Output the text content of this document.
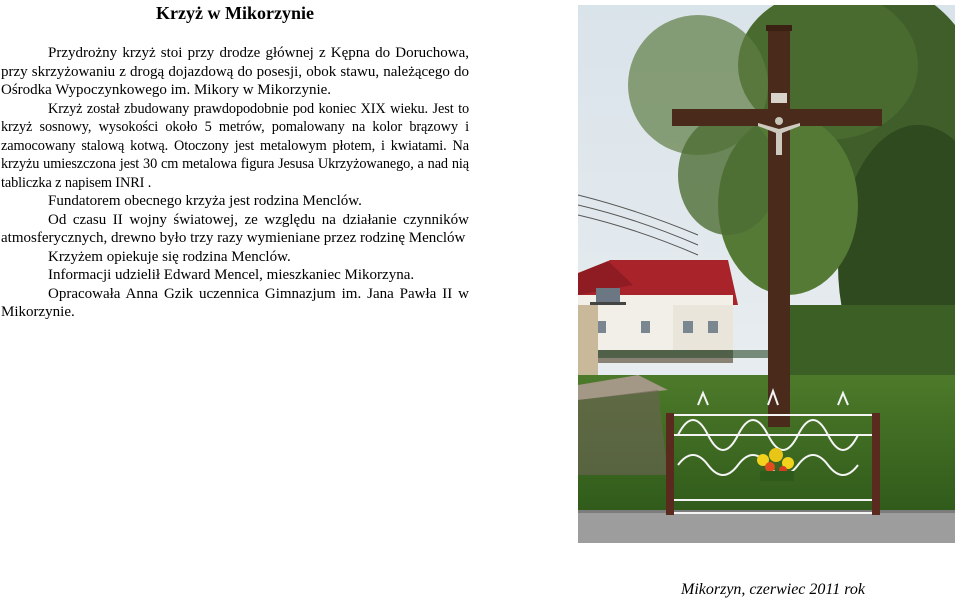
Krzyż w Mikorzynie

Przydrożny krzyż stoi przy drodze głównej z Kępna do Doruchowa, przy skrzyżowaniu z drogą dojazdową do posesji, obok stawu, należącego do Ośrodka Wypoczynkowego im. Mikory w Mikorzynie.

Krzyż został zbudowany prawdopodobnie pod koniec XIX wieku. Jest to krzyż sosnowy, wysokości około 5 metrów, pomalowany na kolor brązowy i zamocowany stalową kotwą. Otoczony jest metalowym płotem, i kwiatami. Na krzyżu umieszczona jest 30 cm metalowa figura Jesusa Ukrzyżowanego, a nad nią tabliczka z napisem INRI .

Fundatorem obecnego krzyża jest rodzina Menclów.

Od czasu II wojny światowej, ze względu na działanie czynników atmosferycznych, drewno było trzy razy wymieniane przez rodzinę Menclów

Krzyżem opiekuje się rodzina Menclów.

Informacji udzielił Edward Mencel, mieszkaniec Mikorzyna.

Opracowała Anna Gzik uczennica Gimnazjum im. Jana Pawła II w Mikorzynie.

Mikorzyn, czerwiec 2011 rok
